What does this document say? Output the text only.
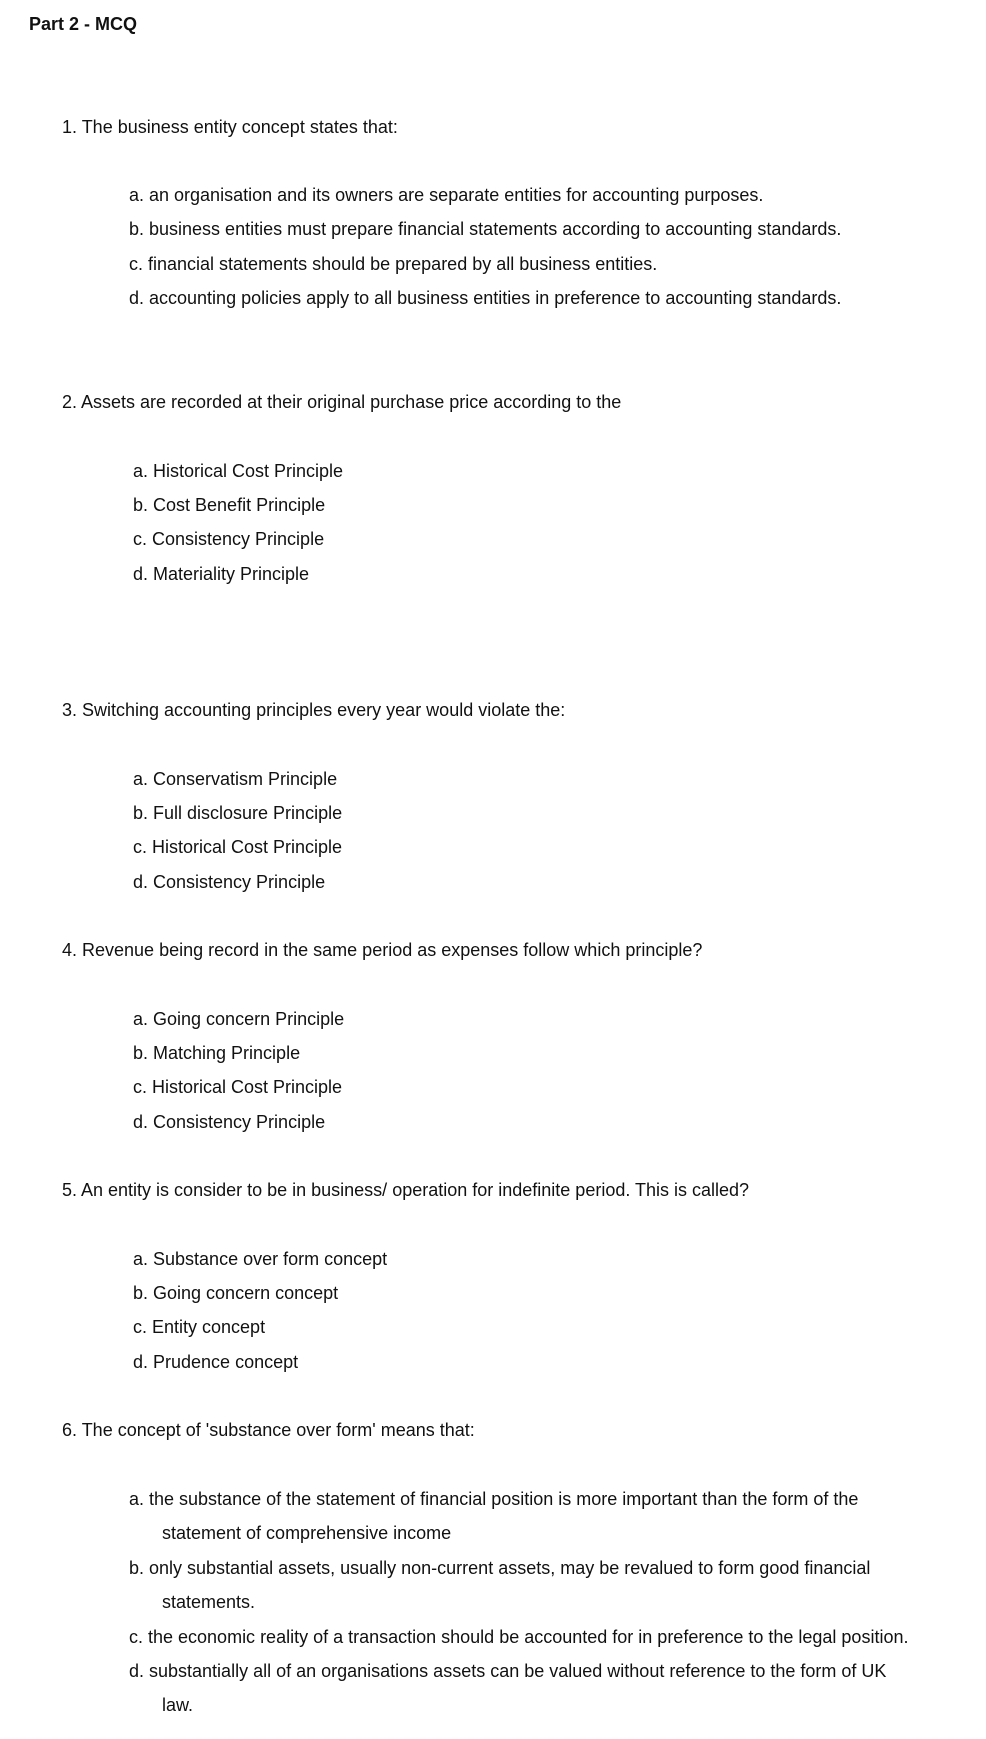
Part 2 - MCQ
1. The business entity concept states that:
a. an organisation and its owners are separate entities for accounting purposes.
b. business entities must prepare financial statements according to accounting standards.
c. financial statements should be prepared by all business entities.
d. accounting policies apply to all business entities in preference to accounting standards.
2. Assets are recorded at their original purchase price according to the
a. Historical Cost Principle
b. Cost Benefit Principle
c. Consistency Principle
d. Materiality Principle
3. Switching accounting principles every year would violate the:
a. Conservatism Principle
b. Full disclosure Principle
c. Historical Cost Principle
d. Consistency Principle
4. Revenue being record in the same period as expenses follow which principle?
a. Going concern Principle
b. Matching Principle
c. Historical Cost Principle
d. Consistency Principle
5. An entity is consider to be in business/ operation for indefinite period. This is called?
a. Substance over form concept
b. Going concern concept
c. Entity concept
d. Prudence concept
6. The concept of 'substance over form' means that:
a. the substance of the statement of financial position is more important than the form of the
statement of comprehensive income
b. only substantial assets, usually non-current assets, may be revalued to form good financial
statements.
c. the economic reality of a transaction should be accounted for in preference to the legal position.
d. substantially all of an organisations assets can be valued without reference to the form of UK
law.
